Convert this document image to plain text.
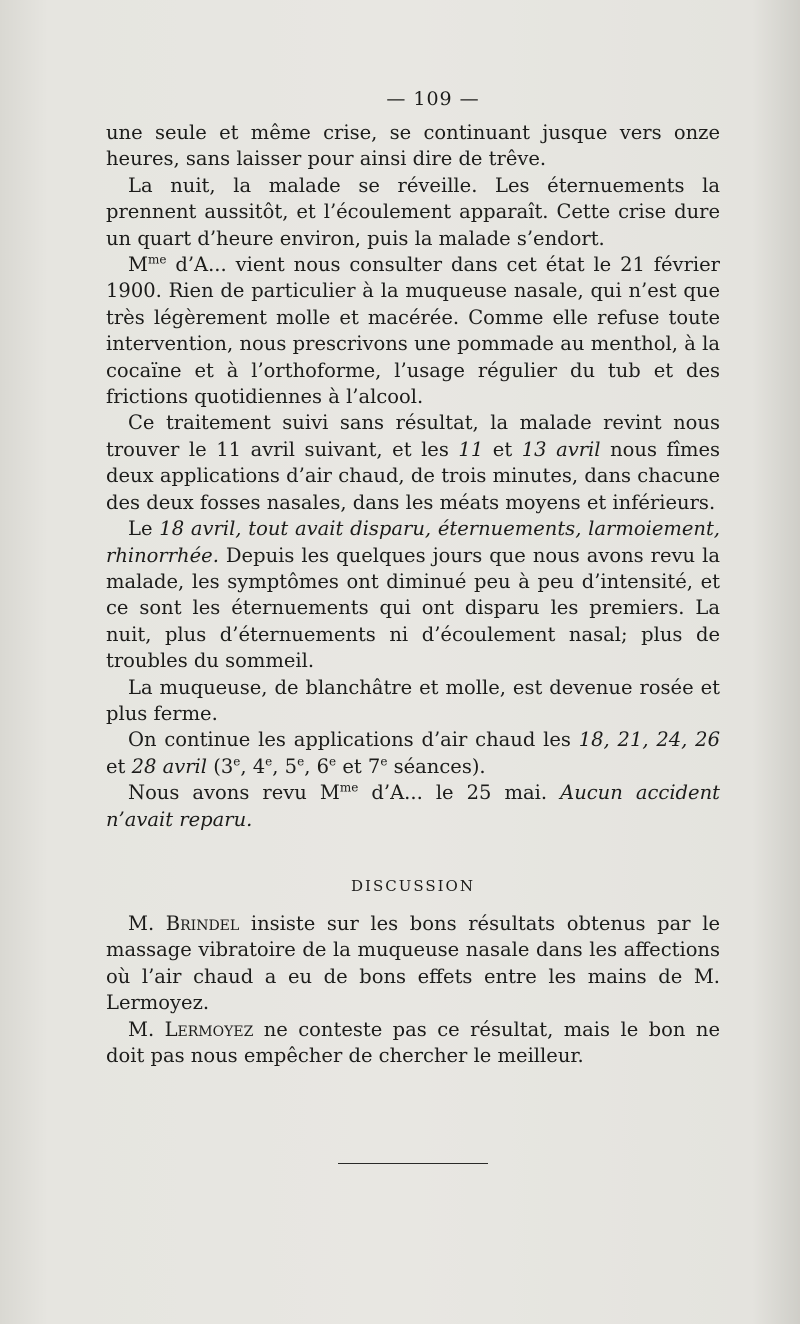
— 109 —

une seule et même crise, se continuant jusque vers onze heures, sans laisser pour ainsi dire de trêve.

La nuit, la malade se réveille. Les éternuements la prennent aussitôt, et l’écoulement apparaît. Cette crise dure un quart d’heure environ, puis la malade s’endort.

$M^{me}$ d’A... vient nous consulter dans cet état le 21 février 1900. Rien de particulier à la muqueuse nasale, qui n’est que très légèrement molle et macérée. Comme elle refuse toute intervention, nous prescrivons une pommade au menthol, à la cocaïne et à l’orthoforme, l’usage régulier du tub et des frictions quotidiennes à l’alcool.

Ce traitement suivi sans résultat, la malade revint nous trouver le 11 avril suivant, et les 11 et 13 avril nous fîmes deux applications d’air chaud, de trois minutes, dans chacune des deux fosses nasales, dans les méats moyens et inférieurs.

Le 18 avril, tout avait disparu, éternuements, larmoiement, rhinorrhée. Depuis les quelques jours que nous avons revu la malade, les symptômes ont diminué peu à peu d’intensité, et ce sont les éternuements qui ont disparu les premiers. La nuit, plus d’éternuements ni d’écoulement nasal; plus de troubles du sommeil.

La muqueuse, de blanchâtre et molle, est devenue rosée et plus ferme.

On continue les applications d’air chaud les 18, 21, 24, 26 et 28 avril (3e, 4e, 5e, 6e et 7e séances).

Nous avons revu $M^{me}$ d’A... le 25 mai. Aucun accident n’avait reparu.

DISCUSSION

M. Brindel insiste sur les bons résultats obtenus par le massage vibratoire de la muqueuse nasale dans les affections où l’air chaud a eu de bons effets entre les mains de M. Lermoyez.

M. Lermoyez ne conteste pas ce résultat, mais le bon ne doit pas nous empêcher de chercher le meilleur.
